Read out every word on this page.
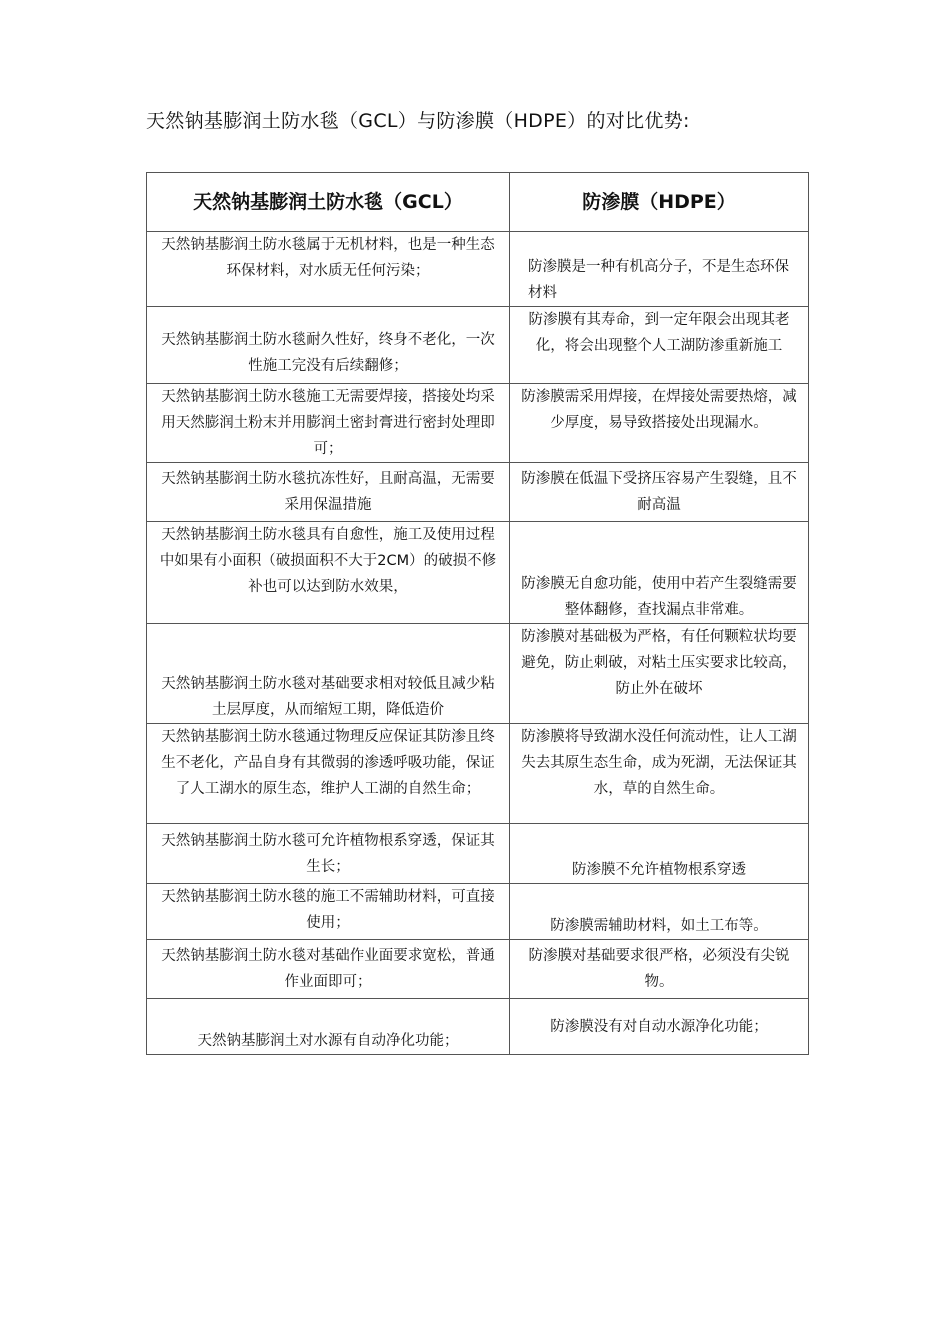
天然钠基膨润土防水毯（GCL）与防渗膜（HDPE）的对比优势:
天然钠基膨润土防水毯（GCL）	防渗膜（HDPE）
天然钠基膨润土防水毯属于无机材料，也是一种生态环保材料，对水质无任何污染；	防渗膜是一种有机高分子，不是生态环保材料
天然钠基膨润土防水毯耐久性好，终身不老化，一次性施工完没有后续翻修；	防渗膜有其寿命，到一定年限会出现其老化，将会出现整个人工湖防渗重新施工
天然钠基膨润土防水毯施工无需要焊接，搭接处均采用天然膨润土粉末并用膨润土密封膏进行密封处理即可；	防渗膜需采用焊接，在焊接处需要热熔，减少厚度，易导致搭接处出现漏水。
天然钠基膨润土防水毯抗冻性好，且耐高温，无需要采用保温措施	防渗膜在低温下受挤压容易产生裂缝，且不耐高温
天然钠基膨润土防水毯具有自愈性，施工及使用过程中如果有小面积（破损面积不大于2CM）的破损不修补也可以达到防水效果，	防渗膜无自愈功能，使用中若产生裂缝需要整体翻修，查找漏点非常难。
天然钠基膨润土防水毯对基础要求相对较低且减少粘土层厚度，从而缩短工期，降低造价	防渗膜对基础极为严格，有任何颗粒状均要避免，防止刺破，对粘土压实要求比较高，防止外在破坏
天然钠基膨润土防水毯通过物理反应保证其防渗且终生不老化，产品自身有其微弱的渗透呼吸功能，保证了人工湖水的原生态，维护人工湖的自然生命；	防渗膜将导致湖水没任何流动性，让人工湖失去其原生态生命，成为死湖，无法保证其水，草的自然生命。
天然钠基膨润土防水毯可允许植物根系穿透，保证其生长；	防渗膜不允许植物根系穿透
天然钠基膨润土防水毯的施工不需辅助材料，可直接使用；	防渗膜需辅助材料，如土工布等。
天然钠基膨润土防水毯对基础作业面要求宽松，普通作业面即可；	防渗膜对基础要求很严格，必须没有尖锐物。
天然钠基膨润土对水源有自动净化功能；	防渗膜没有对自动水源净化功能；
